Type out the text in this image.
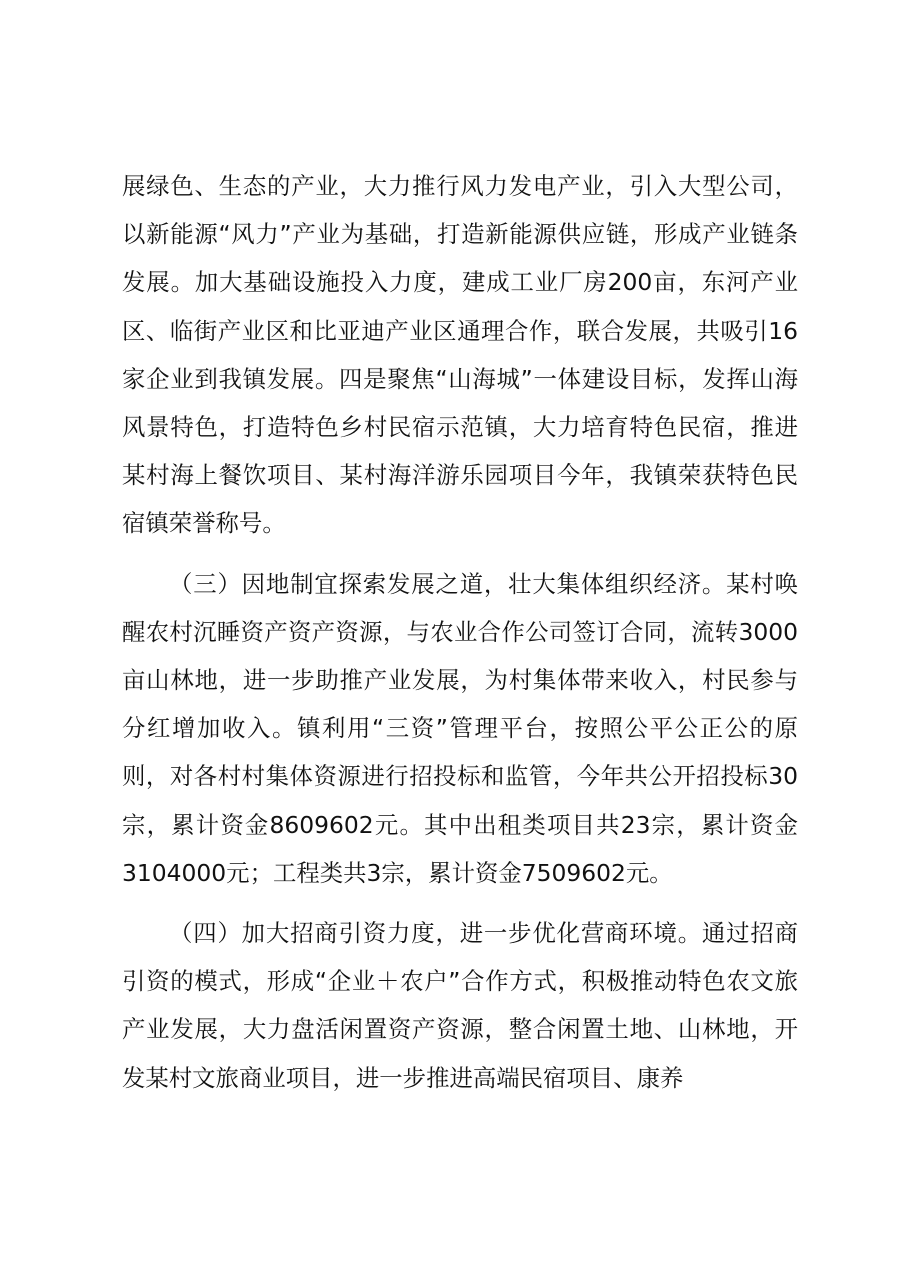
展绿色、生态的产业，大力推行风力发电产业，引入大型公司，以新能源“风力”产业为基础，打造新能源供应链，形成产业链条发展。加大基础设施投入力度，建成工业厂房200亩，东河产业区、临街产业区和比亚迪产业区通理合作，联合发展，共吸引16家企业到我镇发展。四是聚焦“山海城”一体建设目标，发挥山海风景特色，打造特色乡村民宿示范镇，大力培育特色民宿，推进某村海上餐饮项目、某村海洋游乐园项目今年，我镇荣获特色民宿镇荣誉称号。

（三）因地制宜探索发展之道，壮大集体组织经济。某村唤醒农村沉睡资产资产资源，与农业合作公司签订合同，流转3000亩山林地，进一步助推产业发展，为村集体带来收入，村民参与分红增加收入。镇利用“三资”管理平台，按照公平公正公的原则，对各村村集体资源进行招投标和监管，今年共公开招投标30宗，累计资金8609602元。其中出租类项目共23宗，累计资金3104000元；工程类共3宗，累计资金7509602元。

（四）加大招商引资力度，进一步优化营商环境。通过招商引资的模式，形成“企业＋农户”合作方式，积极推动特色农文旅产业发展，大力盘活闲置资产资源，整合闲置土地、山林地，开发某村文旅商业项目，进一步推进高端民宿项目、康养
